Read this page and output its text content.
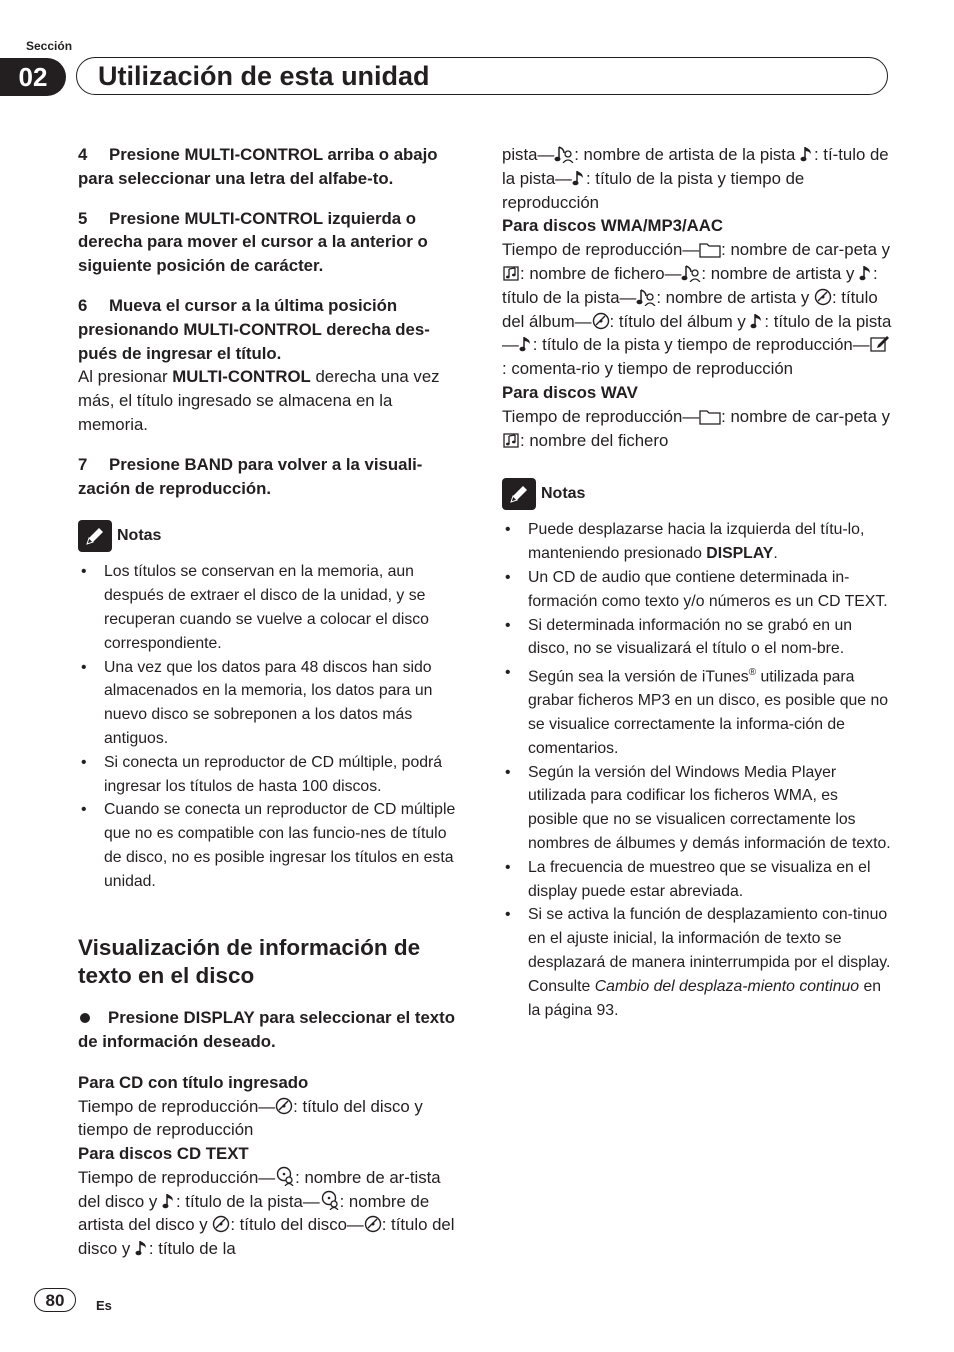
Sección
02	Utilización de esta unidad

4 Presione MULTI-CONTROL arriba o abajo para seleccionar una letra del alfabe-to.

5 Presione MULTI-CONTROL izquierda o derecha para mover el cursor a la anterior o siguiente posición de carácter.

6 Mueva el cursor a la última posición presionando MULTI-CONTROL derecha des-pués de ingresar el título.

Al presionar MULTI-CONTROL derecha una vez más, el título ingresado se almacena en la memoria.

7 Presione BAND para volver a la visuali-zación de reproducción.

Notas
• Los títulos se conservan en la memoria, aun después de extraer el disco de la unidad, y se recuperan cuando se vuelve a colocar el disco correspondiente.
• Una vez que los datos para 48 discos han sido almacenados en la memoria, los datos para un nuevo disco se sobreponen a los datos más antiguos.
• Si conecta un reproductor de CD múltiple, podrá ingresar los títulos de hasta 100 discos.
• Cuando se conecta un reproductor de CD múltiple que no es compatible con las funcio-nes de título de disco, no es posible ingresar los títulos en esta unidad.
Visualización de información de texto en el disco

Presione DISPLAY para seleccionar el texto de información deseado.

Para CD con título ingresado

Tiempo de reproducción— : título del disco y tiempo de reproducción

Para discos CD TEXT

Tiempo de reproducción— : nombre de ar-tista del disco y
: título de la pista— : nombre de artista del disco y
: título del disco— : título del disco y
: título de la

pista— : nombre de artista de la pista
: tí-tulo de la pista— : título de la pista y tiempo de reproducción

Para discos WMA/MP3/AAC

Tiempo de reproducción— : nombre de car-peta y
: nombre de fichero— : nombre de artista y
: título de la pista— : nombre de artista y
: título del álbum— : título del álbum y
: título de la pista— : título de la pista y tiempo de reproducción—
: comenta-rio y tiempo de reproducción

Para discos WAV

Tiempo de reproducción— : nombre de car-peta y
: nombre del fichero

Notas
• Puede desplazarse hacia la izquierda del títu-lo, manteniendo presionado DISPLAY.
• Un CD de audio que contiene determinada in-formación como texto y/o números es un CD TEXT.
• Si determinada información no se grabó en un disco, no se visualizará el título o el nom-bre.
• Según sea la versión de iTunes® utilizada para grabar ficheros MP3 en un disco, es posible que no se visualice correctamente la informa-ción de comentarios.
• Según la versión del Windows Media Player utilizada para codificar los ficheros WMA, es posible que no se visualicen correctamente los nombres de álbumes y demás información de texto.
• La frecuencia de muestreo que se visualiza en el display puede estar abreviada.
• Si se activa la función de desplazamiento con-tinuo en el ajuste inicial, la información de texto se desplazará de manera ininterrumpida por el display. Consulte Cambio del desplaza-miento continuo en la página 93.
80	Es
